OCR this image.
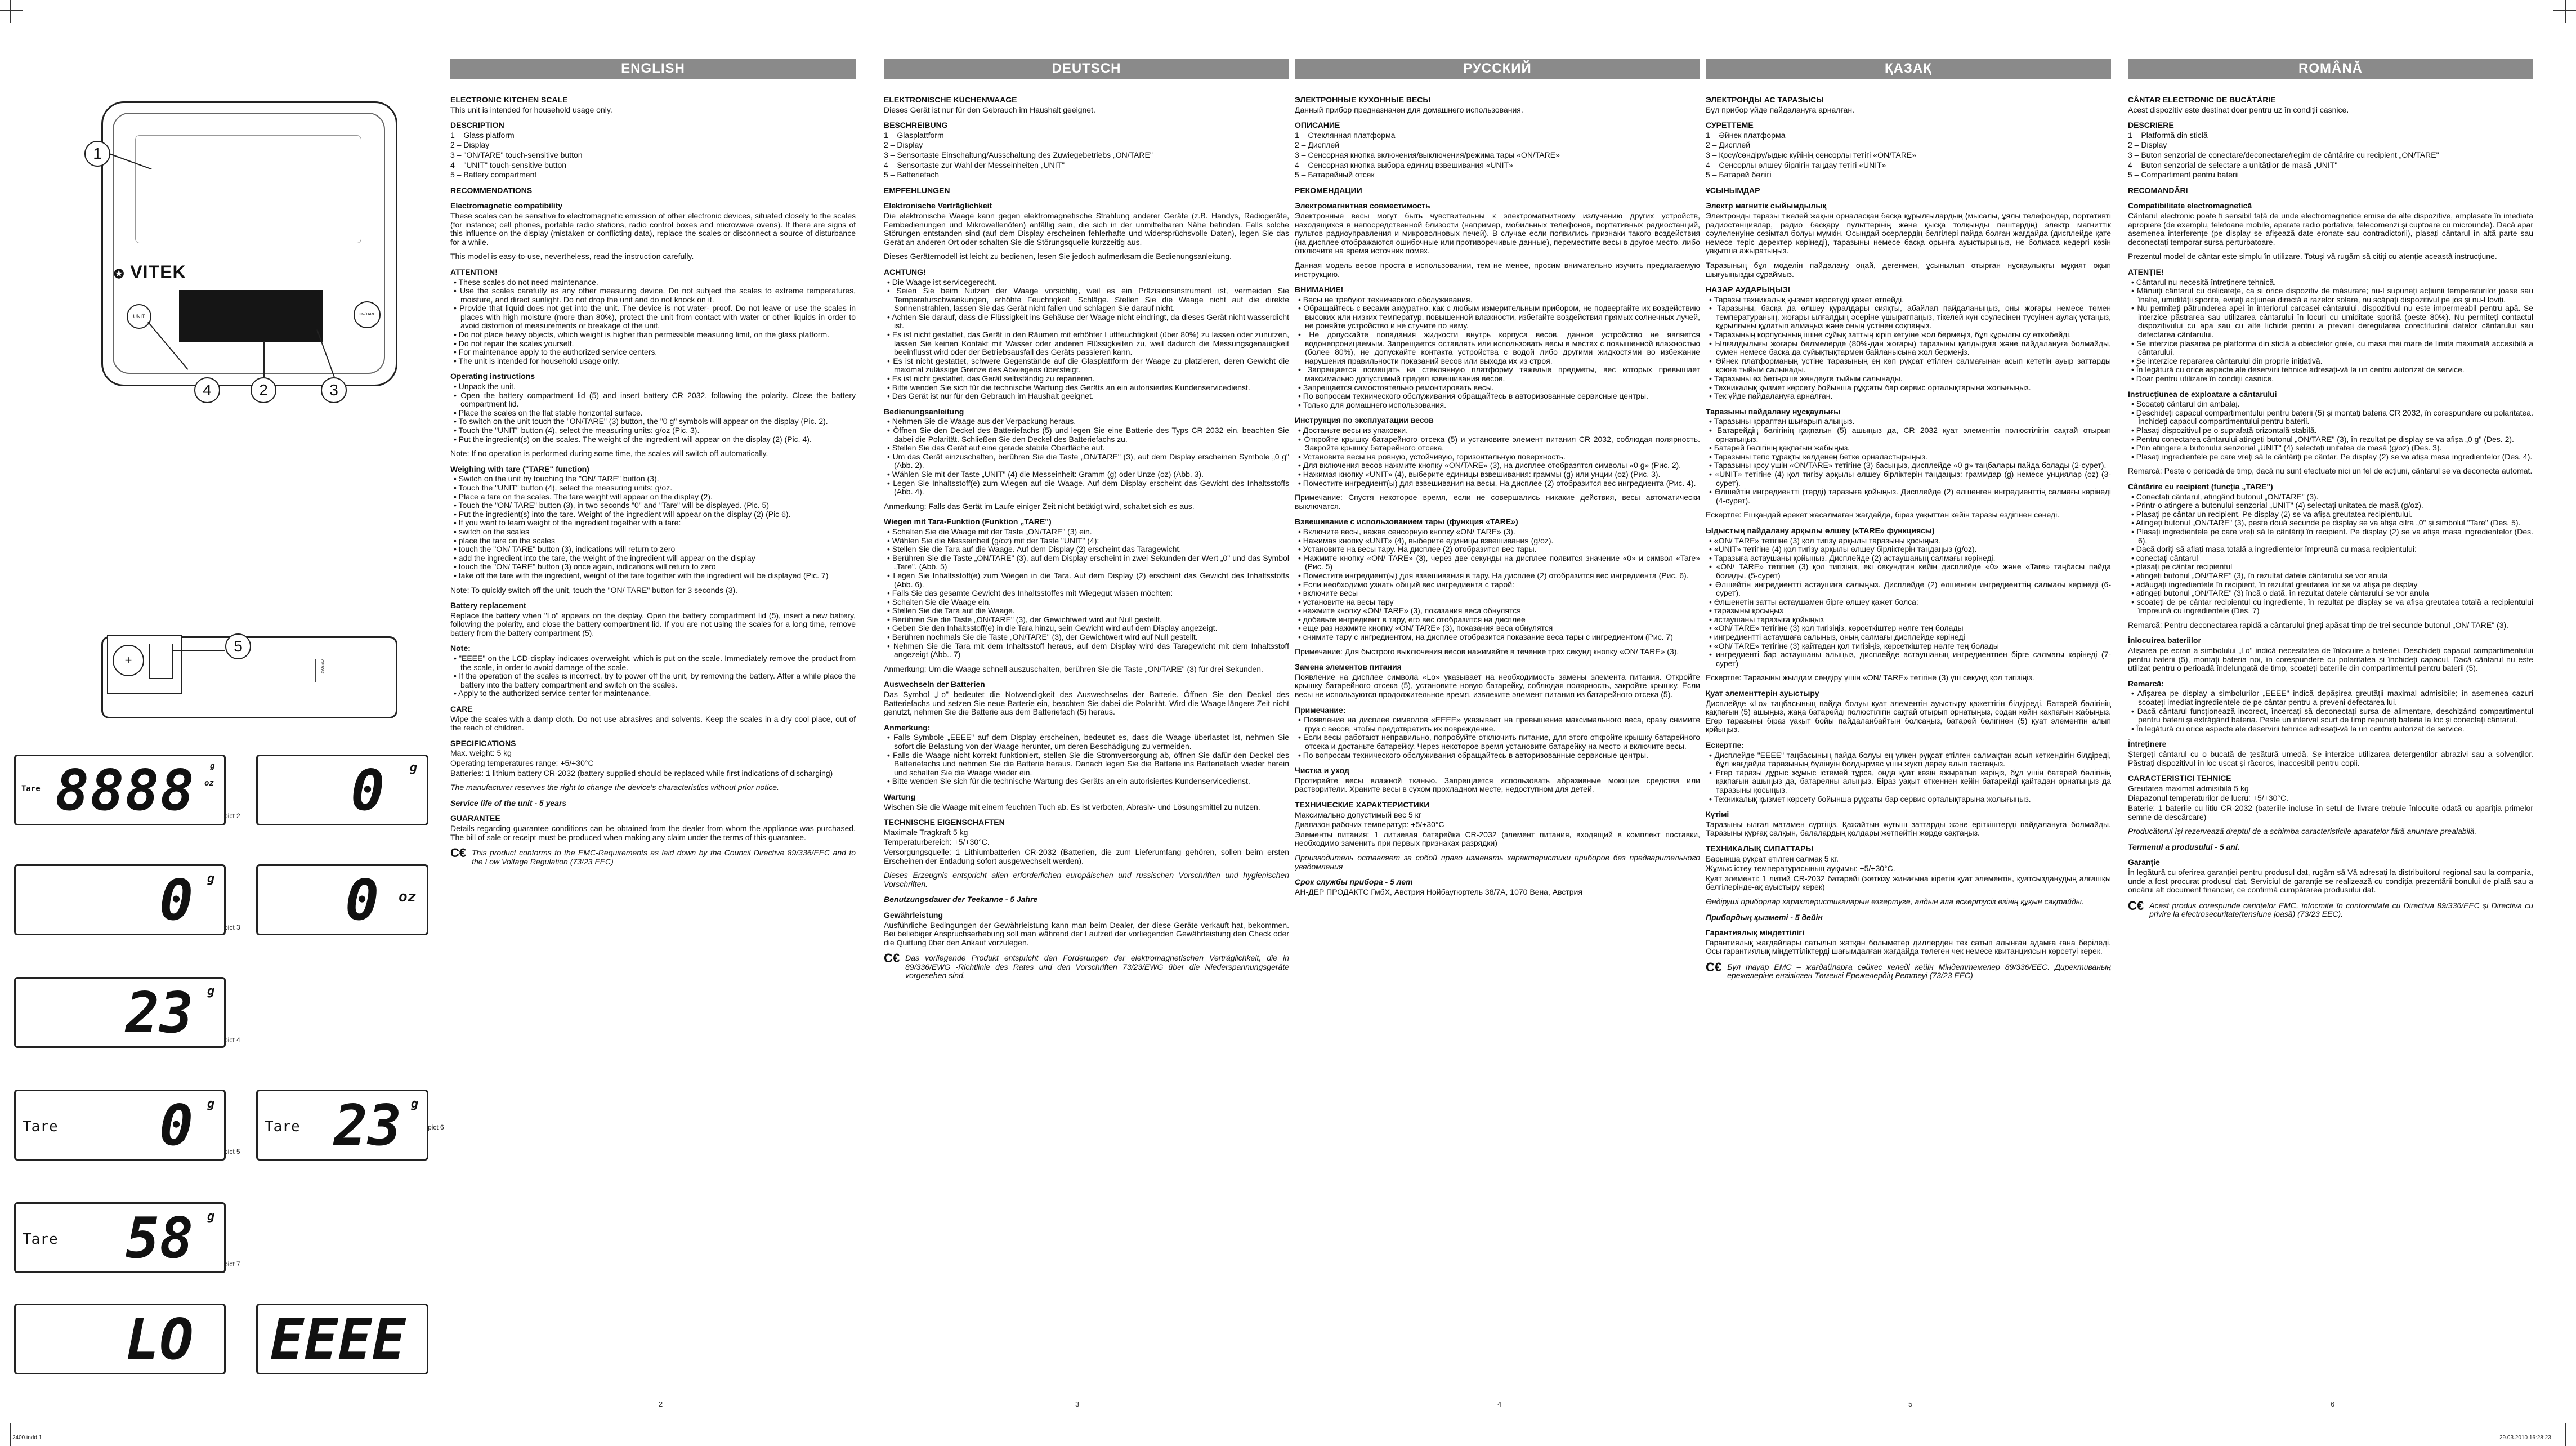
2400.indd 1	29.03.2010 16:28:23
✪ VITEK
UNIT	ON/TARE
1
2	3
4
+	CR2032
5
Tare 8888 g
oz 0 g
pict 2
0 g 0 oz
pict 3
23 g
pict 4
Tare 0 g
Tare 23 g
pict 5
pict 6
Tare 58 g
pict 7
LO EEEE
ENGLISH
ELECTRONIC KITCHEN SCALE

This unit is intended for household usage only.

DESCRIPTION

1 – Glass platform

2 – Display

3 – "ON/TARE" touch-sensitive button

4 – "UNIT" touch-sensitive button

5 – Battery compartment

RECOMMENDATIONS
Electromagnetic compatibility

These scales can be sensitive to electromagnetic emission of other electronic devices, situated closely to the scales (for instance; cell phones, portable radio stations, radio control boxes and microwave ovens). If there are signs of this influence on the display (mistaken or conflicting data), replace the scales or disconnect a source of disturbance for a while.

This model is easy-to-use, nevertheless, read the instruction carefully.

ATTENTION!

• These scales do not need maintenance.

• Use the scales carefully as any other measuring device. Do not subject the scales to extreme temperatures, moisture, and direct sunlight. Do not drop the unit and do not knock on it.

• Provide that liquid does not get into the unit. The device is not water- proof. Do not leave or use the scales in places with high moisture (more than 80%), protect the unit from contact with water or other liquids in order to avoid distortion of measurements or breakage of the unit.

• Do not place heavy objects, which weight is higher than permissible measuring limit, on the glass platform.

• Do not repair the scales yourself.

• For maintenance apply to the authorized service centers.

• The unit is intended for household usage only.

Operating instructions

• Unpack the unit.

• Open the battery compartment lid (5) and insert battery CR 2032, following the polarity. Close the battery compartment lid.

• Place the scales on the flat stable horizontal surface.

• To switch on the unit touch the "ON/TARE" (3) button, the "0 g" symbols will appear on the display (Pic. 2).

• Touch the "UNIT" button (4), select the measuring units: g/oz (Pic. 3).

• Put the ingredient(s) on the scales. The weight of the ingredient will appear on the display (2) (Pic. 4).

Note: If no operation is performed during some time, the scales will switch off automatically.

Weighing with tare ("TARE" function)

• Switch on the unit by touching the "ON/ TARE" button (3).

• Touch the "UNIT" button (4), select the measuring units: g/oz.

• Place a tare on the scales. The tare weight will appear on the display (2).

• Touch the "ON/ TARE" button (3), in two seconds "0" and "Tare" will be displayed. (Pic. 5)

• Put the ingredient(s) into the tare. Weight of the ingredient will appear on the display (2) (Pic 6).

• If you want to learn weight of the ingredient together with a tare:

• switch on the scales

• place the tare on the scales

• touch the "ON/ TARE" button (3), indications will return to zero

• add the ingredient into the tare, the weight of the ingredient will appear on the display

• touch the "ON/ TARE" button (3) once again, indications will return to zero

• take off the tare with the ingredient, weight of the tare together with the ingredient will be displayed (Pic. 7)

Note: To quickly switch off the unit, touch the "ON/ TARE" button for 3 seconds (3).

Battery replacement

Replace the battery when "Lo" appears on the display. Open the battery compartment lid (5), insert a new battery, following the polarity, and close the battery compartment lid. If you are not using the scales for a long time, remove battery from the battery compartment (5).

Note:

• "EEEE" on the LCD-display indicates overweight, which is put on the scale. Immediately remove the product from the scale, in order to avoid damage of the scale.

• If the operation of the scales is incorrect, try to power off the unit, by removing the battery. After a while place the battery into the battery compartment and switch on the scales.

• Apply to the authorized service center for maintenance.

CARE

Wipe the scales with a damp cloth. Do not use abrasives and solvents. Keep the scales in a dry cool place, out of the reach of children.

SPECIFICATIONS

Max. weight: 5 kg

Operating temperatures range: +5/+30°C

Batteries: 1 lithium battery CR-2032 (battery supplied should be replaced while first indications of discharging)

The manufacturer reserves the right to change the device's characteristics without prior notice.

Service life of the unit - 5 years
GUARANTEE

Details regarding guarantee conditions can be obtained from the dealer from whom the appliance was purchased. The bill of sale or receipt must be produced when making any claim under the terms of this guarantee.

C€ This product conforms to the EMC-Requirements as laid down by the Council Directive 89/336/EEC and to the Low Voltage Regulation (73/23 EEC)

DEUTSCH
ELEKTRONISCHE KÜCHENWAAGE

Dieses Gerät ist nur für den Gebrauch im Haushalt geeignet.

BESCHREIBUNG

1 – Glasplattform

2 – Display

3 – Sensortaste Einschaltung/Ausschaltung des Zuwiegebetriebs „ON/TARE"

4 – Sensortaste zur Wahl der Messeinheiten „UNIT"

5 – Batteriefach

EMPFEHLUNGEN
Elektronische Verträglichkeit

Die elektronische Waage kann gegen elektromagnetische Strahlung anderer Geräte (z.B. Handys, Radiogeräte, Fernbedienungen und Mikrowellenöfen) anfällig sein, die sich in der unmittelbaren Nähe befinden. Falls solche Störungen entstanden sind (auf dem Display erscheinen fehlerhafte und widersprüchsvolle Daten), legen Sie das Gerät an anderen Ort oder schalten Sie die Störungsquelle kurzzeitig aus.

Dieses Gerätemodell ist leicht zu bedienen, lesen Sie jedoch aufmerksam die Bedienungsanleitung.

ACHTUNG!

• Die Waage ist servicegerecht.

• Seien Sie beim Nutzen der Waage vorsichtig, weil es ein Präzisionsinstrument ist, vermeiden Sie Temperaturschwankungen, erhöhte Feuchtigkeit, Schläge. Stellen Sie die Waage nicht auf die direkte Sonnenstrahlen, lassen Sie das Gerät nicht fallen und schlagen Sie darauf nicht.

• Achten Sie darauf, dass die Flüssigkeit ins Gehäuse der Waage nicht eindringt, da dieses Gerät nicht wasserdicht ist.

• Es ist nicht gestattet, das Gerät in den Räumen mit erhöhter Luftfeuchtigkeit (über 80%) zu lassen oder zunutzen, lassen Sie keinen Kontakt mit Wasser oder anderen Flüssigkeiten zu, weil dadurch die Messungsgenauigkeit beeinflusst wird oder der Betriebsausfall des Geräts passieren kann.

• Es ist nicht gestattet, schwere Gegenstände auf die Glasplattform der Waage zu platzieren, deren Gewicht die maximal zulässige Grenze des Abwiegens übersteigt.

• Es ist nicht gestattet, das Gerät selbständig zu reparieren.

• Bitte wenden Sie sich für die technische Wartung des Geräts an ein autorisiertes Kundenservicedienst.

• Das Gerät ist nur für den Gebrauch im Haushalt geeignet.

Bedienungsanleitung

• Nehmen Sie die Waage aus der Verpackung heraus.

• Öffnen Sie den Deckel des Batteriefachs (5) und legen Sie eine Batterie des Typs CR 2032 ein, beachten Sie dabei die Polarität. Schließen Sie den Deckel des Batteriefachs zu.

• Stellen Sie das Gerät auf eine gerade stabile Oberfläche auf.

• Um das Gerät einzuschalten, berühren Sie die Taste „ON/TARE" (3), auf dem Display erscheinen Symbole „0 g" (Abb. 2).

• Wählen Sie mit der Taste „UNIT" (4) die Messeinheit: Gramm (g) oder Unze (oz) (Abb. 3).

• Legen Sie Inhaltsstoff(e) zum Wiegen auf die Waage. Auf dem Display erscheint das Gewicht des Inhaltsstoffs (Abb. 4).

Anmerkung: Falls das Gerät im Laufe einiger Zeit nicht betätigt wird, schaltet sich es aus.

Wiegen mit Tara-Funktion (Funktion „TARE")

• Schalten Sie die Waage mit der Taste „ON/TARE" (3) ein.

• Wählen Sie die Messeinheit (g/oz) mit der Taste "UNIT" (4):

• Stellen Sie die Tara auf die Waage. Auf dem Display (2) erscheint das Taragewicht.

• Berühren Sie die Taste „ON/TARE" (3), auf dem Display erscheint in zwei Sekunden der Wert „0" und das Symbol „Tare". (Abb. 5)

• Legen Sie Inhaltsstoff(e) zum Wiegen in die Tara. Auf dem Display (2) erscheint das Gewicht des Inhaltsstoffs (Abb. 6).

• Falls Sie das gesamte Gewicht des Inhaltsstoffes mit Wiegegut wissen möchten:

• Schalten Sie die Waage ein.

• Stellen Sie die Tara auf die Waage.

• Berühren Sie die Taste „ON/TARE" (3), der Gewichtwert wird auf Null gestellt.

• Geben Sie den Inhaltsstoff(e) in die Tara hinzu, sein Gewicht wird auf dem Display angezeigt.

• Berühren nochmals Sie die Taste „ON/TARE" (3), der Gewichtwert wird auf Null gestellt.

• Nehmen Sie die Tara mit dem Inhaltsstoff heraus, auf dem Display wird das Taragewicht mit dem Inhaltsstoff angezeigt (Abb.. 7)

Anmerkung: Um die Waage schnell auszuschalten, berühren Sie die Taste „ON/TARE" (3) für drei Sekunden.

Auswechseln der Batterien

Das Symbol „Lo" bedeutet die Notwendigkeit des Auswechselns der Batterie. Öffnen Sie den Deckel des Batteriefachs und setzen Sie neue Batterie ein, beachten Sie dabei die Polarität. Wird die Waage längere Zeit nicht genutzt, nehmen Sie die Batterie aus dem Batteriefach (5) heraus.

Anmerkung:

• Falls Symbole „EEEE" auf dem Display erscheinen, bedeutet es, dass die Waage überlastet ist, nehmen Sie sofort die Belastung von der Waage herunter, um deren Beschädigung zu vermeiden.

• Falls die Waage nicht korrekt funktioniert, stellen Sie die Stromversorgung ab, öffnen Sie dafür den Deckel des Batteriefachs und nehmen Sie die Batterie heraus. Danach legen Sie die Batterie ins Batteriefach wieder herein und schalten Sie die Waage wieder ein.

• Bitte wenden Sie sich für die technische Wartung des Geräts an ein autorisiertes Kundenservicedienst.

Wartung

Wischen Sie die Waage mit einem feuchten Tuch ab. Es ist verboten, Abrasiv- und Lösungsmittel zu nutzen.

TECHNISCHE EIGENSCHAFTEN

Maximale Tragkraft 5 kg

Temperaturbereich: +5/+30°C.

Versorgungsquelle: 1 Lithiumbatterien CR-2032 (Batterien, die zum Lieferumfang gehören, sollen beim ersten Erscheinen der Entladung sofort ausgewechselt werden).

Dieses Erzeugnis entspricht allen erforderlichen europäischen und russischen Vorschriften und hygienischen Vorschriften.

Benutzungsdauer der Teekanne - 5 Jahre
Gewährleistung

Ausführliche Bedingungen der Gewährleistung kann man beim Dealer, der diese Geräte verkauft hat, bekommen. Bei beliebiger Anspruchserhebung soll man während der Laufzeit der vorliegenden Gewährleistung den Check oder die Quittung über den Ankauf vorzulegen.

C€ Das vorliegende Produkt entspricht den Forderungen der elektromagnetischen Verträglichkeit, die in 89/336/EWG -Richtlinie des Rates und den Vorschriften 73/23/EWG über die Niederspannungsgeräte vorgesehen sind.

РУССКИЙ
ЭЛЕКТРОННЫЕ КУХОННЫЕ ВЕСЫ

Данный прибор предназначен для домашнего использования.

ОПИСАНИЕ

1 – Стеклянная платформа

2 – Дисплей

3 – Сенсорная кнопка включения/выключения/режима тары «ON/TARE»

4 – Сенсорная кнопка выбора единиц взвешивания «UNIT»

5 – Батарейный отсек

РЕКОМЕНДАЦИИ
Электромагнитная совместимость

Электронные весы могут быть чувствительны к электромагнитному излучению других устройств, находящихся в непосредственной близости (например, мобильных телефонов, портативных радиостанций, пультов радиоуправления и микроволновых печей). В случае если появились признаки такого воздействия (на дисплее отображаются ошибочные или противоречивые данные), переместите весы в другое место, либо отключите на время источник помех.

Данная модель весов проста в использовании, тем не менее, просим внимательно изучить предлагаемую инструкцию.

ВНИМАНИЕ!

• Весы не требуют технического обслуживания.

• Обращайтесь с весами аккуратно, как с любым измерительным прибором, не подвергайте их воздействию высоких или низких температур, повышенной влажности, избегайте воздействия прямых солнечных лучей, не роняйте устройство и не стучите по нему.

• Не допускайте попадания жидкости внутрь корпуса весов, данное устройство не является водонепроницаемым. Запрещается оставлять или использовать весы в местах с повышенной влажностью (более 80%), не допускайте контакта устройства с водой либо другими жидкостями во избежание нарушения правильности показаний весов или выхода их из строя.

• Запрещается помещать на стеклянную платформу тяжелые предметы, вес которых превышает максимально допустимый предел взвешивания весов.

• Запрещается самостоятельно ремонтировать весы.

• По вопросам технического обслуживания обращайтесь в авторизованные сервисные центры.

• Только для домашнего использования.

Инструкция по эксплуатации весов

• Достаньте весы из упаковки.

• Откройте крышку батарейного отсека (5) и установите элемент питания CR 2032, соблюдая полярность. Закройте крышку батарейного отсека.

• Установите весы на ровную, устойчивую, горизонтальную поверхность.

• Для включения весов нажмите кнопку «ON/TARE» (3), на дисплее отобразятся символы «0 g» (Рис. 2).

• Нажимая кнопку «UNIT» (4), выберите единицы взвешивания: граммы (g) или унции (oz) (Рис. 3).

• Поместите ингредиент(ы) для взвешивания на весы. На дисплее (2) отобразится вес ингредиента (Рис. 4).

Примечание: Спустя некоторое время, если не совершались никакие действия, весы автоматически выключатся.

Взвешивание с использованием тары (функция «TARE»)

• Включите весы, нажав сенсорную кнопку «ON/ TARE» (3).

• Нажимая кнопку «UNIT» (4), выберите единицы взвешивания (g/oz).

• Установите на весы тару. На дисплее (2) отобразится вес тары.

• Нажмите кнопку «ON/ TARE» (3), через две секунды на дисплее появится значение «0» и символ «Tare» (Рис. 5)

• Поместите ингредиент(ы) для взвешивания в тару. На дисплее (2) отобразится вес ингредиента (Рис. 6).

• Если необходимо узнать общий вес ингредиента с тарой:

• включите весы

• установите на весы тару

• нажмите кнопку «ON/ TARE» (3), показания веса обнулятся

• добавьте ингредиент в тару, его вес отобразится на дисплее

• еще раз нажмите кнопку «ON/ TARE» (3), показания веса обнулятся

• снимите тару с ингредиентом, на дисплее отобразится показание веса тары с ингредиентом (Рис. 7)

Примечание: Для быстрого выключения весов нажимайте в течение трех секунд кнопку «ON/ TARE» (3).

Замена элементов питания

Появление на дисплее символа «Lo» указывает на необходимость замены элемента питания. Откройте крышку батарейного отсека (5), установите новую батарейку, соблюдая полярность, закройте крышку. Если весы не используются продолжительное время, извлеките элемент питания из батарейного отсека (5).

Примечание:

• Появление на дисплее символов «EEEE» указывает на превышение максимального веса, сразу снимите груз с весов, чтобы предотвратить их повреждение.

• Если весы работают неправильно, попробуйте отключить питание, для этого откройте крышку батарейного отсека и достаньте батарейку. Через некоторое время установите батарейку на место и включите весы.

• По вопросам технического обслуживания обращайтесь в авторизованные сервисные центры.

Чистка и уход

Протирайте весы влажной тканью. Запрещается использовать абразивные моющие средства или растворители. Храните весы в сухом прохладном месте, недоступном для детей.

ТЕХНИЧЕСКИЕ ХАРАКТЕРИСТИКИ

Максимально допустимый вес 5 кг

Диапазон рабочих температур: +5/+30°C

Элементы питания: 1 литиевая батарейка CR-2032 (элемент питания, входящий в комплект поставки, необходимо заменить при первых признаках разрядки)

Производитель оставляет за собой право изменять характеристики приборов без предварительного уведомления

Срок службы прибора - 5 лет

АН-ДЕР ПРОДАКТС ГмбХ, Австрия Нойбаугюртель 38/7А, 1070 Вена, Австрия

ҚАЗАҚ
ЭЛЕКТРОНДЫ АС ТАРАЗЫСЫ

Бұл прибор үйде пайдалануға арналған.

СУРЕТТЕМЕ

1 – Әйнек платформа

2 – Дисплей

3 – Қосу/сөндіру/ыдыс күйінің сенсорлы тетігі «ON/TARE»

4 – Сенсорлы өлшеу бірлігін таңдау тетігі «UNIT»

5 – Батарей бөлігі

ҰСЫНЫМДАР
Электр магнитік сыйымдылық

Электронды таразы тікелей жақын орналасқан басқа құрылғылардың (мысалы, ұялы телефондар, портативті радиостанциялар, радио басқару пульттерінің және қысқа толқынды пештердің) электр магниттік сәулеленуіне сезімтал болуы мүмкін. Осындай әсерлердің белгілері пайда болған жағдайда (дисплейде қате немесе теріс деректер көрінеді), таразыны немесе басқа орынға ауыстырыңыз, не болмаса кедергі көзін уақытша ажыратыңыз.

Таразының бұл моделін пайдалану оңай, дегенмен, ұсынылып отырған нұсқаулықты мұқият оқып шығуыңызды сұраймыз.

НАЗАР АУДАРЫҢЫЗ!

• Таразы техникалық қызмет көрсетуді қажет етпейді.

• Таразыны, басқа да өлшеу құралдары сияқты, абайлап пайдаланыңыз, оны жоғары немесе төмен температураның, жоғары ылғалдың әсеріне ұшыратпаңыз, тікелей күн сәулесінен түсуінен аулақ ұстаңыз, құрылғыны құлатып алмаңыз және оның үстінен соқпаңыз.

• Таразының корпусының ішіне сұйық заттың кіріп кетуіне жол бермеңіз, бұл құрылғы су өткізбейді.

• Ылғалдылығы жоғары бөлмелерде (80%-дан жоғары) таразыны қалдыруға және пайдалануға болмайды, сумен немесе басқа да сұйықтықтармен байланысына жол бермеңіз.

• Әйнек платформаның үстіне таразының ең көп рұқсат етілген салмағынан асып кететін ауыр заттарды қоюға тыйым салынады.

• Таразыны өз бетіңізше жөндеуге тыйым салынады.

• Техникалық қызмет көрсету бойынша рұқсаты бар сервис орталықтарына жолығыңыз.

• Тек үйде пайдалануға арналған.

Таразыны пайдалану нұсқаулығы

• Таразыны қораптан шығарып алыңыз.

• Батарейдің бөлігінің қақпағын (5) ашыңыз да, CR 2032 қуат элементін полюстілігін сақтай отырып орнатыңыз.

• Батарей бөлігінің қақпағын жабыңыз.

• Таразыны тегіс тұрақты көлденең бетке орналастырыңыз.

• Таразыны қосу үшін «ON/TARE» тетігіне (3) басыңыз, дисплейде «0 g» таңбалары пайда болады (2-сурет).

• «UNIT» тетігіне (4) қол тигізу арқылы өлшеу бірліктерін таңдаңыз: граммдар (g) немесе унциялар (oz) (3-сурет).

• Өлшейтін ингредиентті (терді) таразыға қойыңыз. Дисплейде (2) өлшенген ингредиенттің салмағы көрінеді (4-сурет).

Ескертпе: Ешқандай әрекет жасалмаған жағдайда, біраз уақыттан кейін таразы өздігінен сөнеді.

Ыдыстың пайдалану арқылы өлшеу («TARE» функциясы)

• «ON/ TARE» тетігіне (3) қол тигізу арқылы таразыны қосыңыз.

• «UNIT» тетігіне (4) қол тигізу арқылы өлшеу бірліктерін таңдаңыз (g/oz).

• Таразыға астаушаны қойыңыз. Дисплейде (2) астаушаның салмағы көрінеді.

• «ON/ TARE» тетігіне (3) қол тигізіңіз, екі секундтан кейін дисплейде «0» және «Tare» таңбасы пайда болады. (5-сурет)

• Өлшейтін ингредиентті астаушаға салыңыз. Дисплейде (2) өлшенген ингредиенттің салмағы көрінеді (6-сурет).

• Өлшенетін затты астаушамен бірге өлшеу қажет болса:

• таразыны қосыңыз

• астаушаны таразыға қойыңыз

• «ON/ TARE» тетігіне (3) қол тигізіңіз, көрсеткіштер нөлге тең болады

• ингредиентті астаушаға салыңыз, оның салмағы дисплейде көрінеді

• «ON/ TARE» тетігіне (3) қайтадан қол тигізіңіз, көрсеткіштер нөлге тең болады

• ингредиенті бар астаушаны алыңыз, дисплейде астаушаның ингредиентпен бірге салмағы көрінеді (7-сурет)

Ескертпе: Таразыны жылдам сөндіру үшін «ON/ TARE» тетігіне (3) үш секунд қол тигізіңіз.

Қуат элементтерін ауыстыру

Дисплейде «Lo» таңбасының пайда болуы қуат элементін ауыстыру қажеттігін білдіреді. Батарей бөлігінің қақпағын (5) ашыңыз, жаңа батарейді полюстілігін сақтай отырып орнатыңыз, содан кейін қақпағын жабыңыз. Егер таразыны біраз уақыт бойы пайдаланбайтын болсаңыз, батарей бөлігінен (5) қуат элементін алып қойыңыз.

Ескертпе:

• Дисплейде "EEEE" таңбасының пайда болуы ең үлкен рұқсат етілген салмақтан асып кеткендігін білдіреді, бұл жағдайда таразының бүлінуін болдырмас үшін жүкті дереу алып тастаңыз.

• Егер таразы дұрыс жұмыс істемей тұрса, онда қуат көзін ажыратып көріңіз, бұл үшін батарей бөлігінің қақпағын ашыңыз да, батареяны алыңыз. Біраз уақыт өткеннен кейін батарейді қайтадан орнатыңыз да таразыны қосыңыз.

• Техникалық қызмет көрсету бойынша рұқсаты бар сервис орталықтарына жолығыңыз.

Күтімі

Таразыны ылғал матамен сүртіңіз. Қажайтын жуғыш заттарды және еріткіштерді пайдалануға болмайды. Таразыны құрғақ салқын, балалардың қолдары жетпейтін жерде сақтаңыз.

ТЕХНИКАЛЫҚ СИПАТТАРЫ

Барынша рұқсат етілген салмақ 5 кг.

Жұмыс істеу температурасының ауқымы: +5/+30°C.

Қуат элементі: 1 литий CR-2032 батарейі (жеткізу жинағына кіретін қуат элементін, қуатсызданудың алғашқы белгілерінде-ақ ауыстыру керек)

Өндіруші приборлар характеристикаларын өзгертуге, алдын ала ескертусіз өзінің құқын сақтайды.

Прибордың қызметі - 5 дейін
Гарантиялық міндеттілігі

Гарантиялық жағдайлары сатылып жатқан болыметер диллерден тек сатып алынған адамға ғана беріледі. Осы гарантиялық міндеттіліктерді шағымдалған жағдайда төлеген чек немесе квитанциясын көрсетуі керек.

C€ Бұл тауар EMC – жағдайларға сәйкес келеді кейін Міндеттемелер 89/336/EEC. Директиваның ережелеріне енгізілген Төменгі Ережелердің Реттеуі (73/23 EEC)

ROMÂNĂ
CÂNTAR ELECTRONIC DE BUCĂTĂRIE

Acest dispozitiv este destinat doar pentru uz în condiții casnice.

DESCRIERE

1 – Platformă din sticlă

2 – Display

3 – Buton senzorial de conectare/deconectare/regim de cântărire cu recipient „ON/TARE"

4 – Buton senzorial de selectare a unităților de masă „UNIT"

5 – Compartiment pentru baterii

RECOMANDĂRI
Compatibilitate electromagnetică

Cântarul electronic poate fi sensibil față de unde electromagnetice emise de alte dispozitive, amplasate în imediata apropiere (de exemplu, telefoane mobile, aparate radio portative, telecomenzi și cuptoare cu microunde). Dacă apar asemenea interferențe (pe display se afișează date eronate sau contradictorii), plasați cântarul în altă parte sau deconectați temporar sursa perturbatoare.

Prezentul model de cântar este simplu în utilizare. Totuși vă rugăm să citiți cu atenție aceastâ instrucțiune.

ATENȚIE!

• Cântarul nu necesită întreținere tehnică.

• Mânuiți cântarul cu delicatețe, ca si orice dispozitiv de măsurare; nu-l supuneți acțiunii temperaturilor joase sau înalte, umidității sporite, evitați acțiunea directă a razelor solare, nu scăpați dispozitivul pe jos și nu-l loviți.

• Nu permiteți pătrunderea apei în interiorul carcasei cântarului, dispozitivul nu este impermeabil pentru apă. Se interzice păstrarea sau utilizarea cântarului în locuri cu umiditate sporită (peste 80%). Nu permiteți contactul dispozitivului cu apa sau cu alte lichide pentru a preveni deregularea corectitudinii datelor cântarului sau defectarea cântarului.

• Se interzice plasarea pe platforma din sticlă a obiectelor grele, cu masa mai mare de limita maximală accesibilă a cântarului.

• Se interzice repararea cântarului din proprie inițiativă.

• În legătură cu orice aspecte ale deservirii tehnice adresați-vă la un centru autorizat de service.

• Doar pentru utilizare în condiții casnice.

Instrucțiunea de exploatare a cântarului

• Scoateți cântarul din ambalaj.

• Deschideți capacul compartimentului pentru baterii (5) și montați bateria CR 2032, în corespundere cu polaritatea. Închideți capacul compartimentului pentru baterii.

• Plasați dispozitivul pe o suprafață orizontală stabilă.

• Pentru conectarea cântarului atingeți butonul „ON/TARE" (3), în rezultat pe display se va afișa „0 g" (Des. 2).

• Prin atingere a butonului senzorial „UNIT" (4) selectați unitatea de masă (g/oz) (Des. 3).

• Plasați ingredientele pe care vreți să le cântăriți pe cântar. Pe display (2) se va afișa masa ingredientelor (Des. 4).

Remarcă: Peste o perioadă de timp, dacă nu sunt efectuate nici un fel de acțiuni, cântarul se va deconecta automat.

Cântărire cu recipient (funcția „TARE")

• Conectați cântarul, atingând butonul „ON/TARE" (3).

• Printr-o atingere a butonului senzorial „UNIT" (4) selectați unitatea de masă (g/oz).

• Plasați pe cântar un recipient. Pe display (2) se va afișa greutatea recipientului.

• Atingeți butonul „ON/TARE" (3), peste două secunde pe display se va afișa cifra „0" și simbolul "Tare" (Des. 5).

• Plasați ingredientele pe care vreți să le cântăriți în recipient. Pe display (2) se va afișa masa ingredientelor (Des. 6).

• Dacă doriți să aflați masa totală a ingredientelor împreună cu masa recipientului:

• conectați cântarul

• plasați pe cântar recipientul

• atingeți butonul „ON/TARE" (3), în rezultat datele cântarului se vor anula

• adăugați ingredientele în recipient, în rezultat greutatea lor se va afișa pe display

• atingeți butonul „ON/TARE" (3) încă o dată, în rezultat datele cântarului se vor anula

• scoateți de pe cântar recipientul cu ingrediente, în rezultat pe display se va afișa greutatea totală a recipientului împreună cu ingredientele (Des. 7)

Remarcă: Pentru deconectarea rapidă a cântarului țineți apăsat timp de trei secunde butonul „ON/ TARE" (3).

Înlocuirea bateriilor

Afișarea pe ecran a simbolului „Lo" indică necesitatea de înlocuire a bateriei. Deschideți capacul compartimentului pentru baterii (5), montați bateria noi, în corespundere cu polaritatea și închideți capacul. Dacă cântarul nu este utilizat pentru o perioadă îndelungată de timp, scoateți bateriile din compartimentul pentru baterii (5).

Remarcă:

• Afișarea pe display a simbolurilor „EEEE" indică depășirea greutății maximal admisibile; în asemenea cazuri scoateți imediat ingredientele de pe cântar pentru a preveni defectarea lui.

• Dacă cântarul funcționează incorect, încercați să deconectați sursa de alimentare, deschizând compartimentul pentru baterii și extrăgând bateria. Peste un interval scurt de timp repuneți bateria la loc și conectați cântarul.

• În legătură cu orice aspecte ale deservirii tehnice adresați-vă la un centru autorizat de service.

Întreținere

Ștergeți cântarul cu o bucată de țesătură umedă. Se interzice utilizarea detergenților abrazivi sau a solvenților. Păstrați dispozitivul în loc uscat și răcoros, inaccesibil pentru copii.

CARACTERISTICI TEHNICE

Greutatea maximal admisibilă 5 kg

Diapazonul temperaturilor de lucru: +5/+30°C.

Baterie: 1 baterile cu litiu CR-2032 (bateriile incluse în setul de livrare trebuie înlocuite odată cu apariția primelor semne de descărcare)

Producătorul își rezervează dreptul de a schimba caracteristicile aparatelor fără anuntare prealabilă.

Termenul a produsului - 5 ani.
Garanție

În legătură cu oferirea garanției pentru produsul dat, rugăm să Vă adresați la distribuitorul regional sau la compania, unde a fost procurat produsul dat. Serviciul de garanție se realizează cu condiția prezentării bonului de plată sau a oricărui alt document financiar, ce confirmă cumpărarea produsului dat.

C€ Acest produs corespunde cerințelor EMC, întocmite în conformitate cu Directiva 89/336/EEC și Directiva cu privire la electrosecuritate(tensiune joasă) (73/23 EEC).

2	3	4	5	6
